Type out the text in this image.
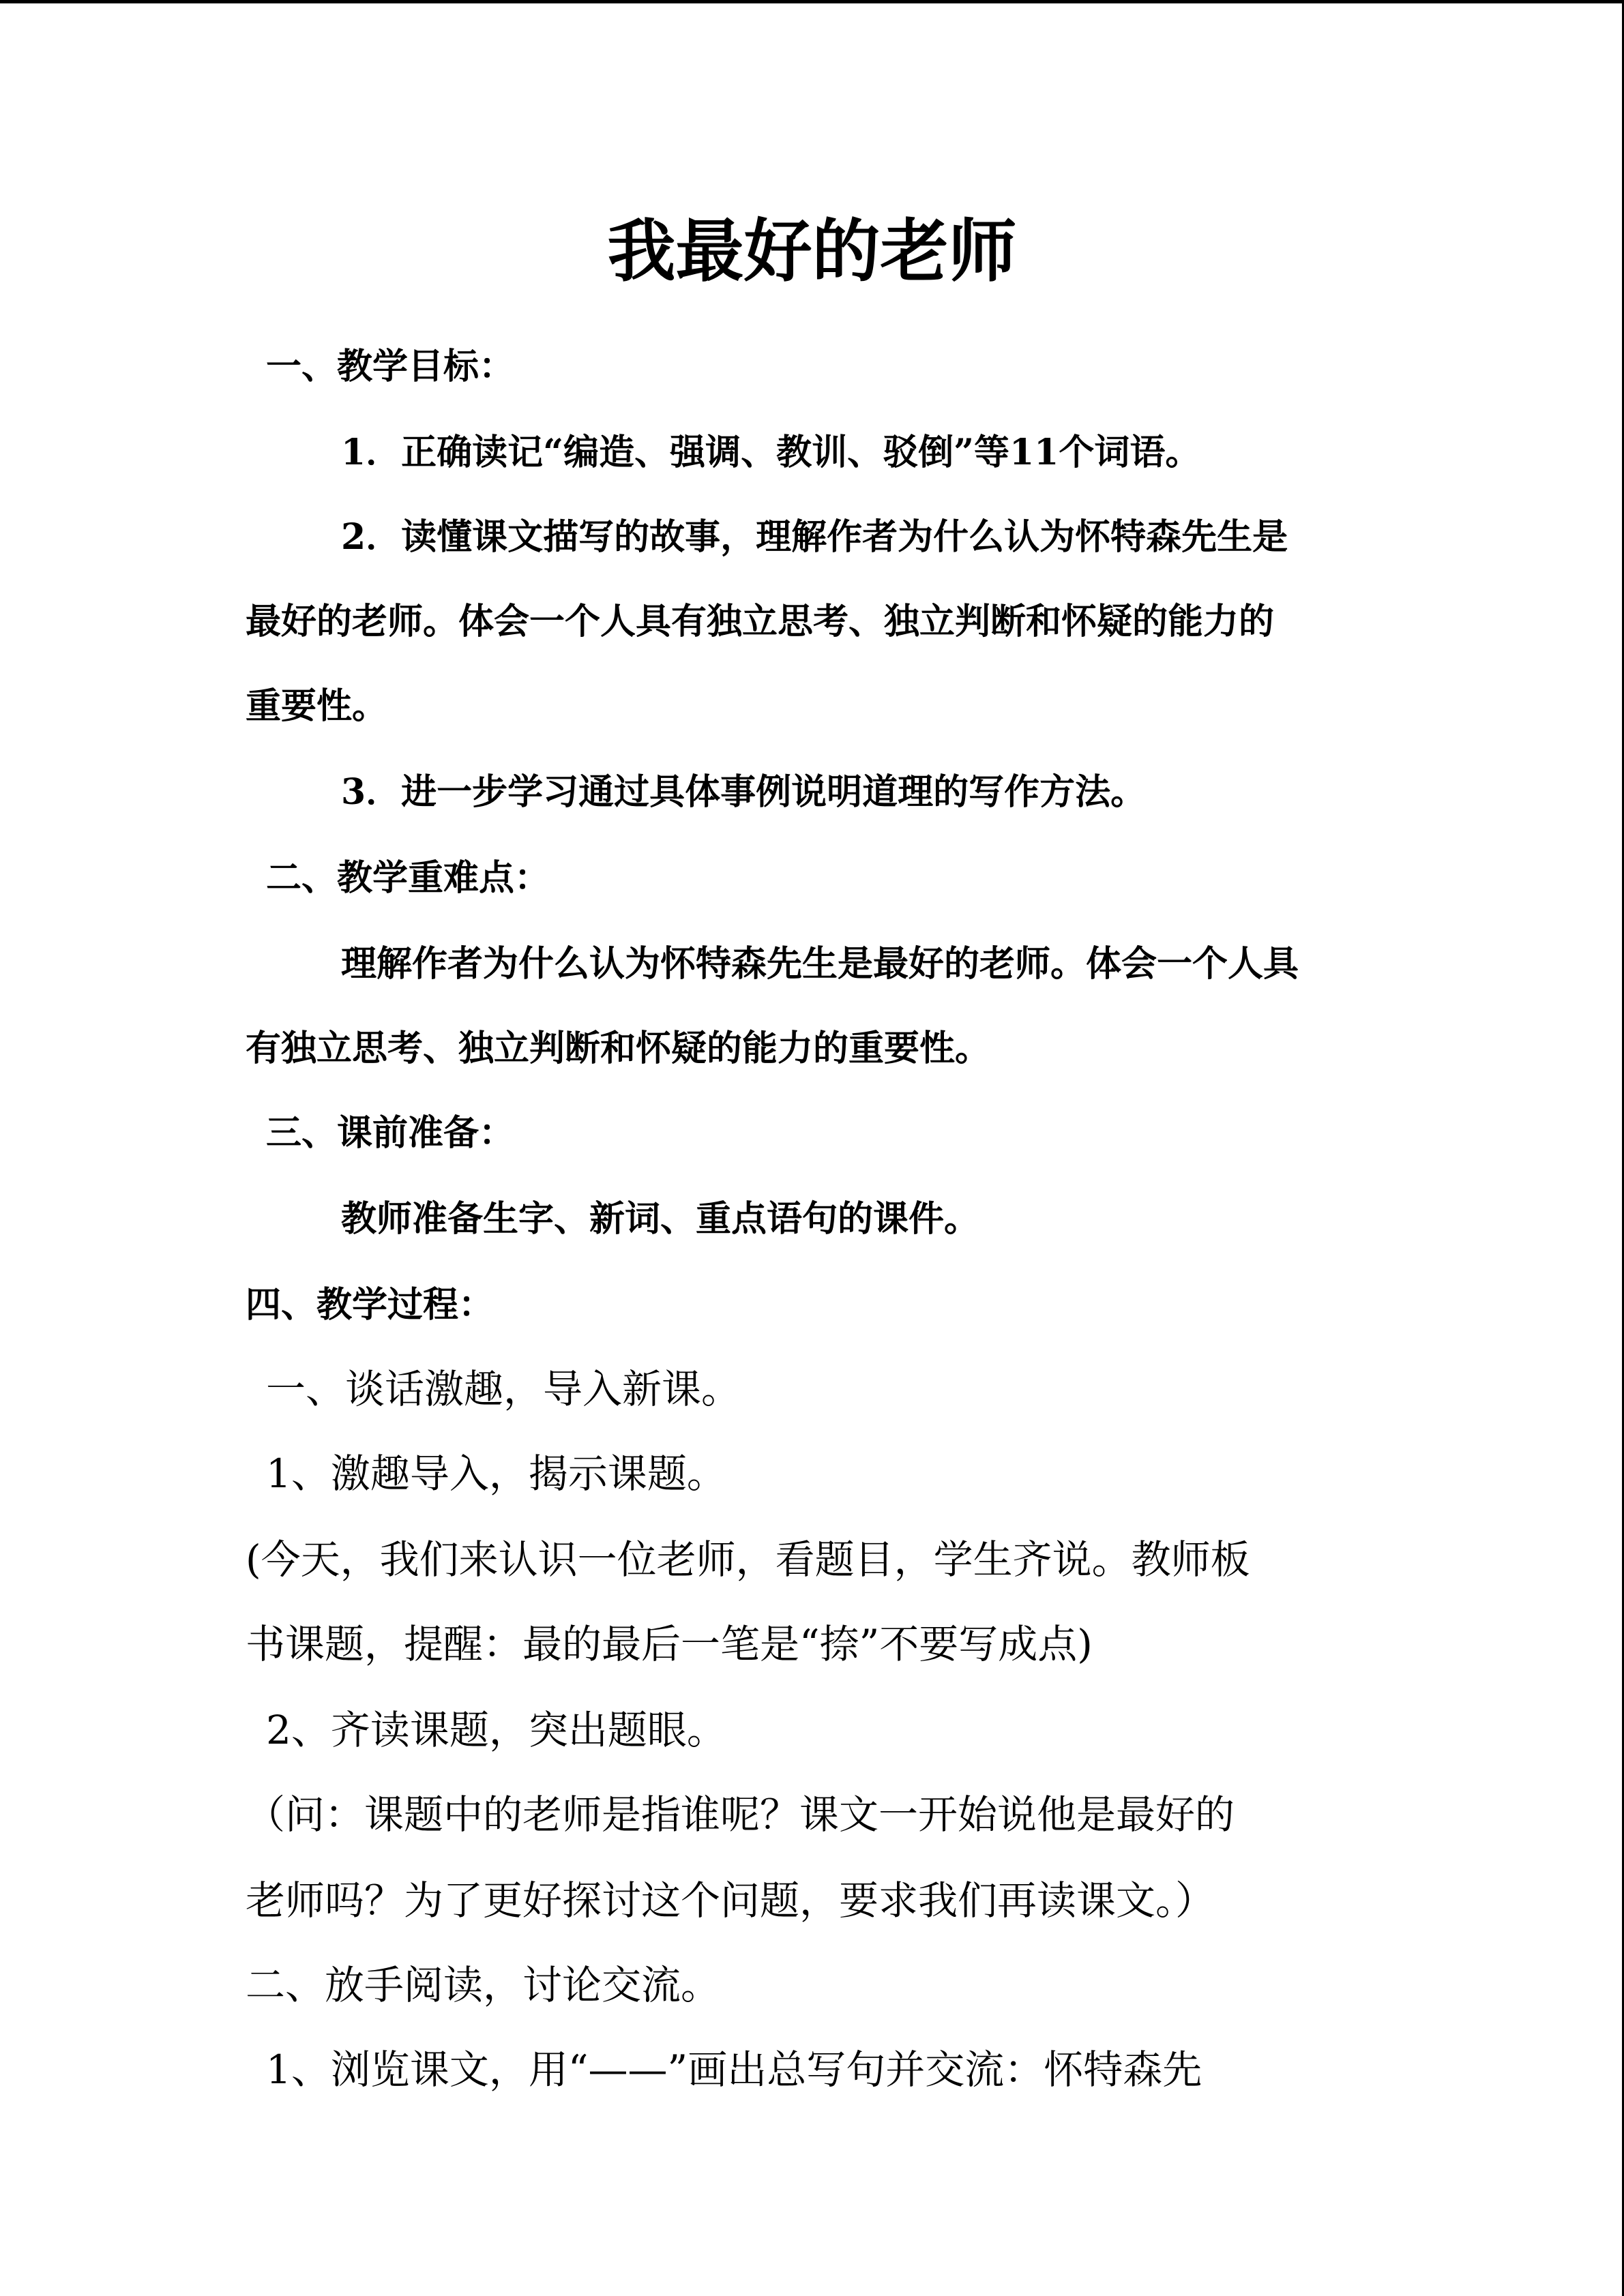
我最好的老师
一、教学目标：
1．正确读记“编造、强调、教训、驳倒”等11个词语。
2．读懂课文描写的故事，理解作者为什么认为怀特森先生是
最好的老师。体会一个人具有独立思考、独立判断和怀疑的能力的
重要性。
3．进一步学习通过具体事例说明道理的写作方法。
二、教学重难点：
理解作者为什么认为怀特森先生是最好的老师。体会一个人具
有独立思考、独立判断和怀疑的能力的重要性。
三、课前准备：
教师准备生字、新词、重点语句的课件。
四、教学过程：
一、谈话激趣，导入新课。
1、激趣导入，揭示课题。
(今天，我们来认识一位老师，看题目，学生齐说。教师板
书课题，提醒：最的最后一笔是“捺”不要写成点)
2、齐读课题，突出题眼。
（问：课题中的老师是指谁呢？课文一开始说他是最好的
老师吗？为了更好探讨这个问题，要求我们再读课文。）
二、放手阅读，讨论交流。
1、浏览课文，用“——”画出总写句并交流：怀特森先
